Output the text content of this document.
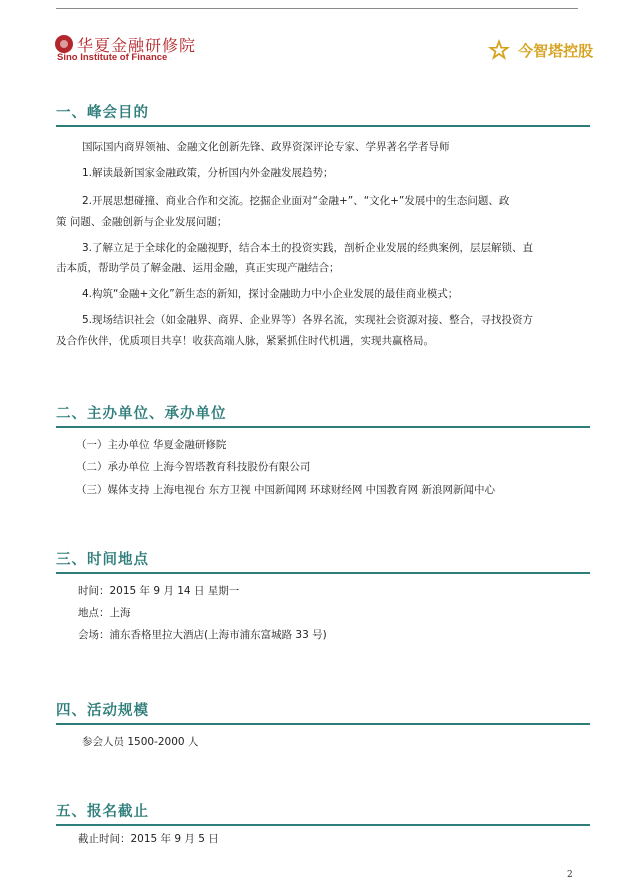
华夏金融研修院
Sino Institute of Finance	今智塔控股
一、峰会目的
国际国内商界领袖、金融文化创新先锋、政界资深评论专家、学界著名学者导师
1.解读最新国家金融政策，分析国内外金融发展趋势；
2.开展思想碰撞、商业合作和交流。挖掘企业面对“金融+”、“文化+”发展中的生态问题、政
策 问题、金融创新与企业发展问题；
3.了解立足于全球化的金融视野，结合本土的投资实践，剖析企业发展的经典案例，层层解锁、直
击本质，帮助学员了解金融、运用金融，真正实现产融结合；
4.构筑“金融+文化”新生态的新知，探讨金融助力中小企业发展的最佳商业模式；
5.现场结识社会（如金融界、商界、企业界等）各界名流，实现社会资源对接、整合，寻找投资方
及合作伙伴，优质项目共享！收获高端人脉，紧紧抓住时代机遇，实现共赢格局。
二、主办单位、承办单位
（一）主办单位 华夏金融研修院
（二）承办单位 上海今智塔教育科技股份有限公司
（三）媒体支持 上海电视台 东方卫视 中国新闻网 环球财经网 中国教育网 新浪网新闻中心
三、时间地点
时间：2015 年 9 月 14 日 星期一
地点：上海
会场：浦东香格里拉大酒店(上海市浦东富城路 33 号)
四、活动规模
参会人员 1500-2000 人
五、报名截止
截止时间：2015 年 9 月 5 日
2
